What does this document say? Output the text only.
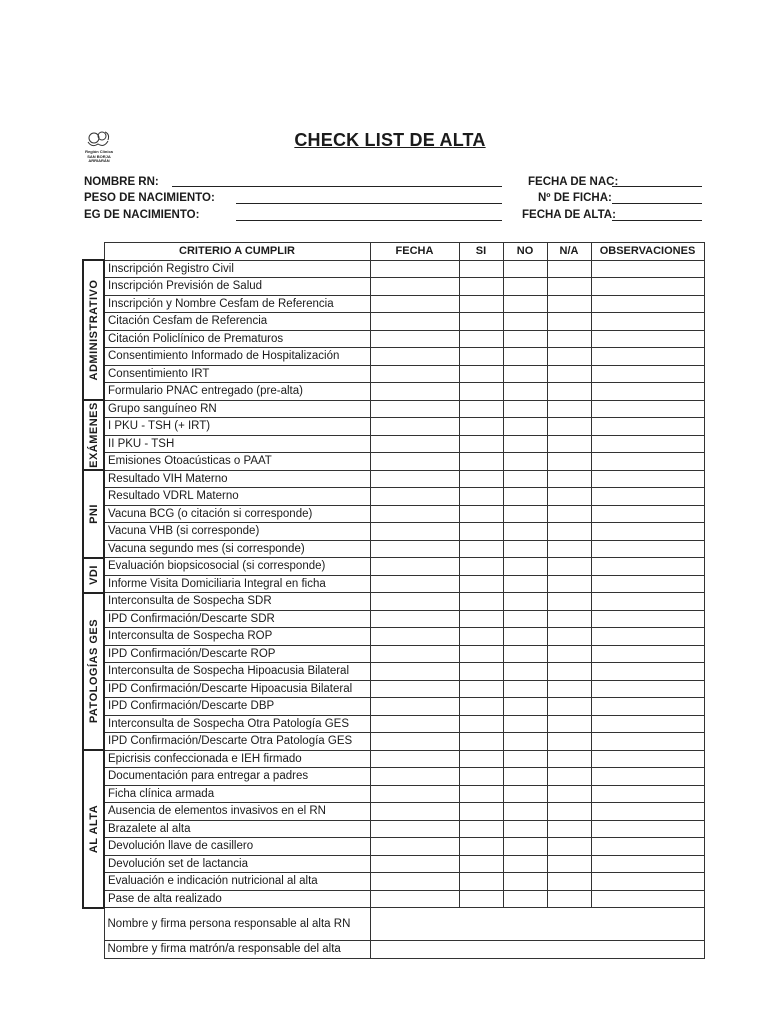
Región Clínica
SAN BORJA
ARRIARÁN
CHECK LIST DE ALTA
NOMBRE RN:
PESO DE NACIMIENTO:
EG DE NACIMIENTO:
FECHA DE NAC:
Nº DE FICHA:
FECHA DE ALTA:
	CRITERIO A CUMPLIR	FECHA	SI	NO	N/A	OBSERVACIONES

ADMINISTRATIVO	Inscripción Registro Civil					
	Inscripción Previsión de Salud					
	Inscripción y Nombre Cesfam de Referencia					
	Citación Cesfam de Referencia					
	Citación Policlínico de Prematuros					
	Consentimiento Informado de Hospitalización					
	Consentimiento IRT					
	Formulario PNAC entregado (pre-alta)					

EXÁMENES	Grupo sanguíneo RN					
	I PKU - TSH (+ IRT)					
	II PKU - TSH					
	Emisiones Otoacústicas o PAAT					

PNI	Resultado VIH Materno					
	Resultado VDRL Materno					
	Vacuna BCG (o citación si corresponde)					
	Vacuna VHB (si corresponde)					
	Vacuna segundo mes (si corresponde)					

VDI	Evaluación biopsicosocial (si corresponde)					
	Informe Visita Domiciliaria Integral en ficha					

PATOLOGÍAS GES	Interconsulta de Sospecha SDR					
	IPD Confirmación/Descarte SDR					
	Interconsulta de Sospecha ROP					
	IPD Confirmación/Descarte ROP					
	Interconsulta de Sospecha Hipoacusia Bilateral					
	IPD Confirmación/Descarte Hipoacusia Bilateral					
	IPD Confirmación/Descarte DBP					
	Interconsulta de Sospecha Otra Patología GES					
	IPD Confirmación/Descarte Otra Patología GES					

AL ALTA	Epicrisis confeccionada e IEH firmado					
	Documentación para entregar a padres					
	Ficha clínica armada					
	Ausencia de elementos invasivos en el RN					
	Brazalete al alta					
	Devolución llave de casillero					
	Devolución set de lactancia					
	Evaluación e indicación nutricional al alta					
	Pase de alta realizado					
	Nombre y firma persona responsable al alta RN					
	Nombre y firma matrón/a responsable del alta					
